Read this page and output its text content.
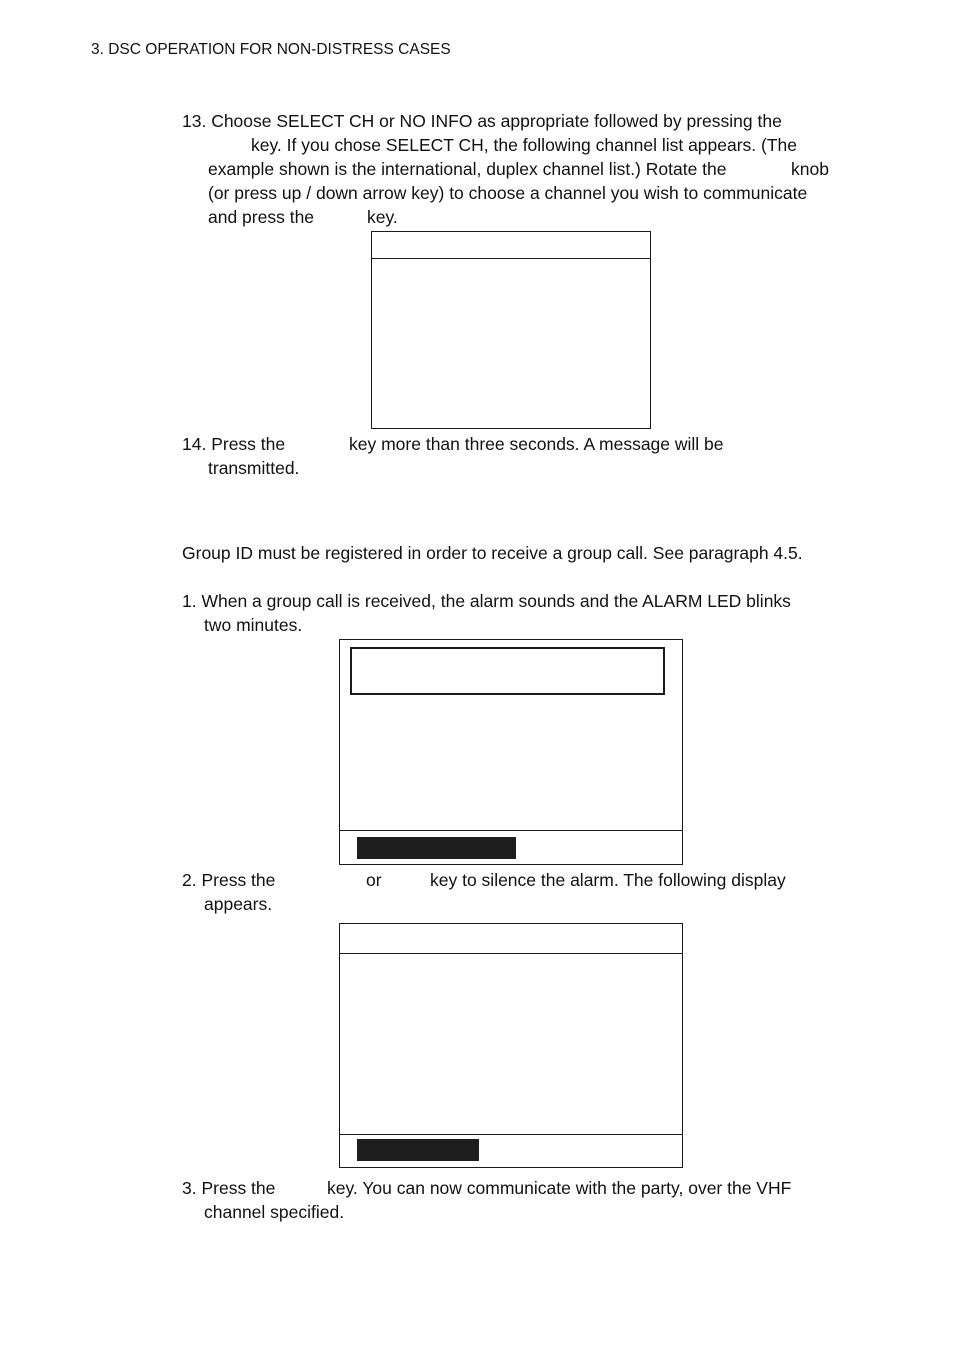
3. DSC OPERATION FOR NON-DISTRESS CASES
13. Choose SELECT CH or NO INFO as appropriate followed by pressing the
key. If you chose SELECT CH, the following channel list appears. (The
example shown is the international, duplex channel list.) Rotate the	knob
(or press up / down arrow key) to choose a channel you wish to communicate
and press the	key.
14. Press the	key more than three seconds. A message will be
transmitted.
Group ID must be registered in order to receive a group call. See paragraph 4.5.
1. When a group call is received, the alarm sounds and the ALARM LED blinks
two minutes.
2. Press the	or	key to silence the alarm. The following display
appears.
3. Press the	key. You can now communicate with the party, over the VHF
channel specified.
